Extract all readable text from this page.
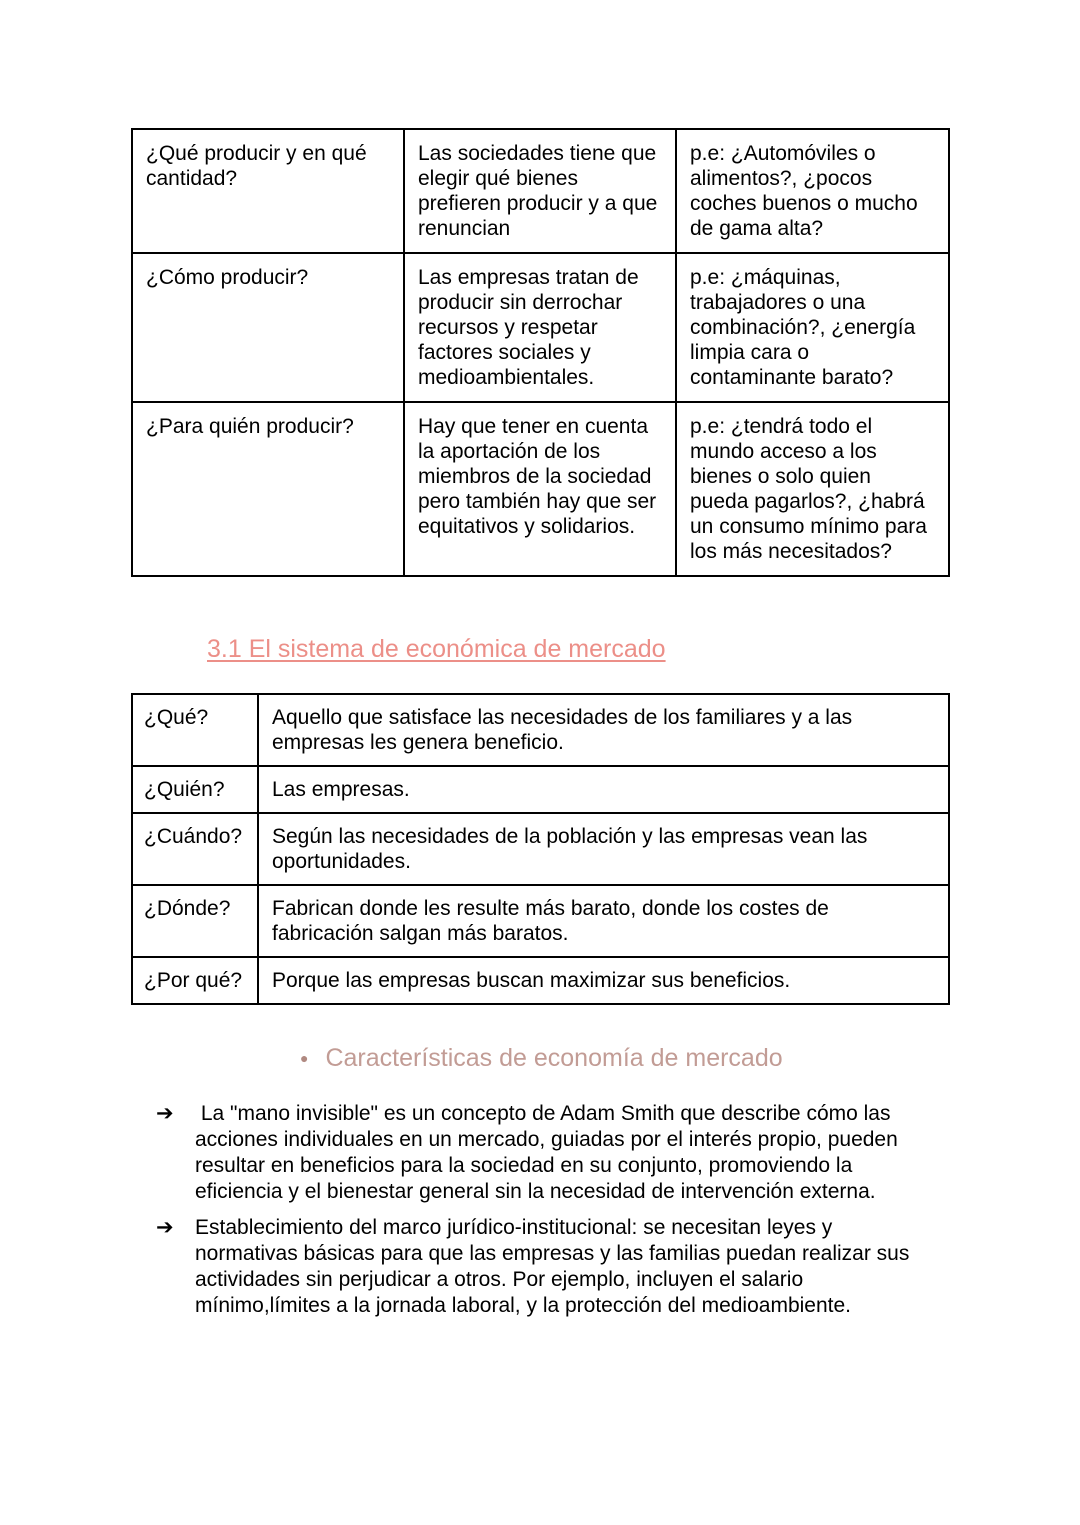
¿Qué producir y en qué cantidad?	Las sociedades tiene que elegir qué bienes prefieren producir y a que renuncian	p.e: ¿Automóviles o alimentos?, ¿pocos coches buenos o mucho de gama alta?
¿Cómo producir?	Las empresas tratan de producir sin derrochar recursos y respetar factores sociales y medioambientales.	p.e: ¿máquinas, trabajadores o una combinación?, ¿energía limpia cara o contaminante barato?
¿Para quién producir?	Hay que tener en cuenta la aportación de los miembros de la sociedad pero también hay que ser equitativos y solidarios.	p.e: ¿tendrá todo el mundo acceso a los bienes o solo quien pueda pagarlos?, ¿habrá un consumo mínimo para los más necesitados?
3.1 El sistema de económica de mercado
¿Qué?	Aquello que satisface las necesidades de los familiares y a las empresas les genera beneficio.
¿Quién?	Las empresas.
¿Cuándo?	Según las necesidades de la población y las empresas vean las oportunidades.
¿Dónde?	Fabrican donde les resulte más barato, donde los costes de fabricación salgan más baratos.
¿Por qué?	Porque las empresas buscan maximizar sus beneficios.
● Características de economía de mercado
➔	La "mano invisible" es un concepto de Adam Smith que describe cómo las acciones individuales en un mercado, guiadas por el interés propio, pueden resultar en beneficios para la sociedad en su conjunto, promoviendo la eficiencia y el bienestar general sin la necesidad de intervención externa.

➔	Establecimiento del marco jurídico-institucional: se necesitan leyes y normativas básicas para que las empresas y las familias puedan realizar sus actividades sin perjudicar a otros. Por ejemplo, incluyen el salario mínimo,límites a la jornada laboral, y la protección del medioambiente.
